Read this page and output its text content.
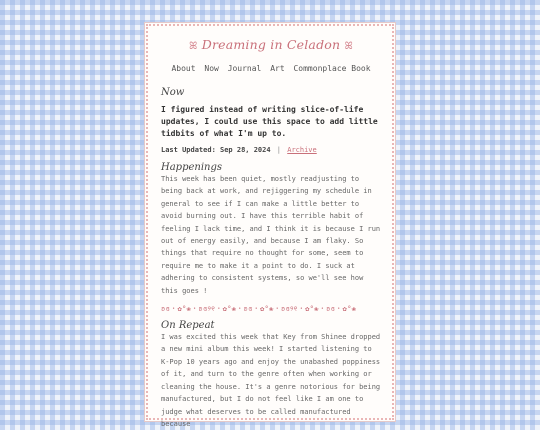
ꕤ Dreaming in Celadon ꕤ
About Now Journal Art Commonplace Book
Now
I figured instead of writing slice-of-life updates, I could use this space to add little tidbits of what I'm up to.
Last Updated: Sep 28, 2024 | Archive
Happenings

This week has been quiet, mostly readjusting to being back at work, and rejiggering my schedule in general to see if I can make a little better to avoid burning out. I have this terrible habit of feeling I lack time, and I think it is because I run out of energy easily, and because I am flaky. So things that require no thought for some, seem to require me to make it a point to do. I suck at adhering to consistent systems, so we'll see how this goes !

ʚɞ・✿°❀・ʚɞ୨୧・✿°❀・ʚɞ・✿°❀・ʚɞ୨୧・✿°❀・ʚɞ・✿°❀
On Repeat

I was excited this week that Key from Shinee dropped a new mini album this week! I started listening to K-Pop 10 years ago and enjoy the unabashed poppiness of it, and turn to the genre often when working or cleaning the house. It's a genre notorious for being manufactured, but I do not feel like I am one to judge what deserves to be called manufactured because
